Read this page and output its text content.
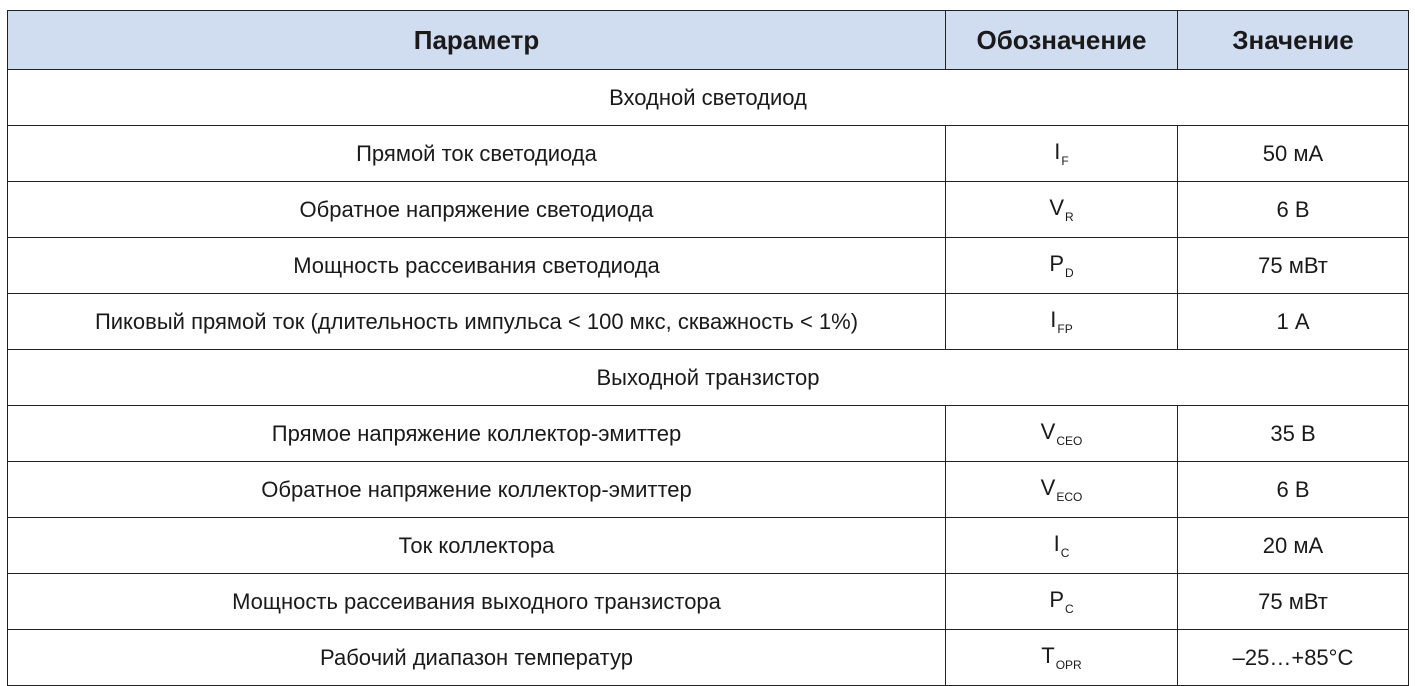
Параметр	Обозначение	Значение
Входной светодиод		
Прямой ток светодиода	$I_F$	50 мА
Обратное напряжение светодиода	$V_R$	6 В
Мощность рассеивания светодиода	$P_D$	75 мВт
Пиковый прямой ток (длительность импульса < 100 мкс, скважность < 1%)	$I_{FP}$	1 А
Выходной транзистор		
Прямое напряжение коллектор-эмиттер	$V_{CEO}$	35 В
Обратное напряжение коллектор-эмиттер	$V_{ECO}$	6 В
Ток коллектора	$I_C$	20 мА
Мощность рассеивания выходного транзистора	$P_C$	75 мВт
Рабочий диапазон температур	$T_{OPR}$	–25…+85°C
